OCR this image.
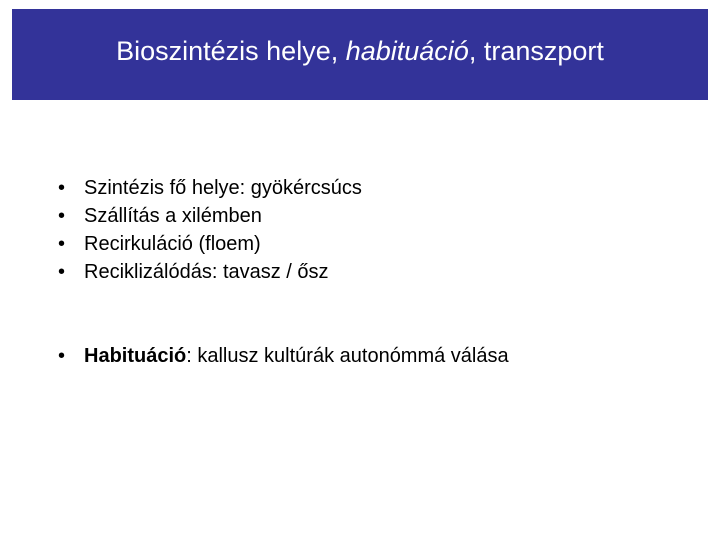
Bioszintézis helye, habituáció, transzport
• Szintézis fő helye: gyökércsúcs
• Szállítás a xilémben
• Recirkuláció (floem)
• Reciklizálódás: tavasz / ősz
• Habituáció : kallusz kultúrák autonómmá válása
